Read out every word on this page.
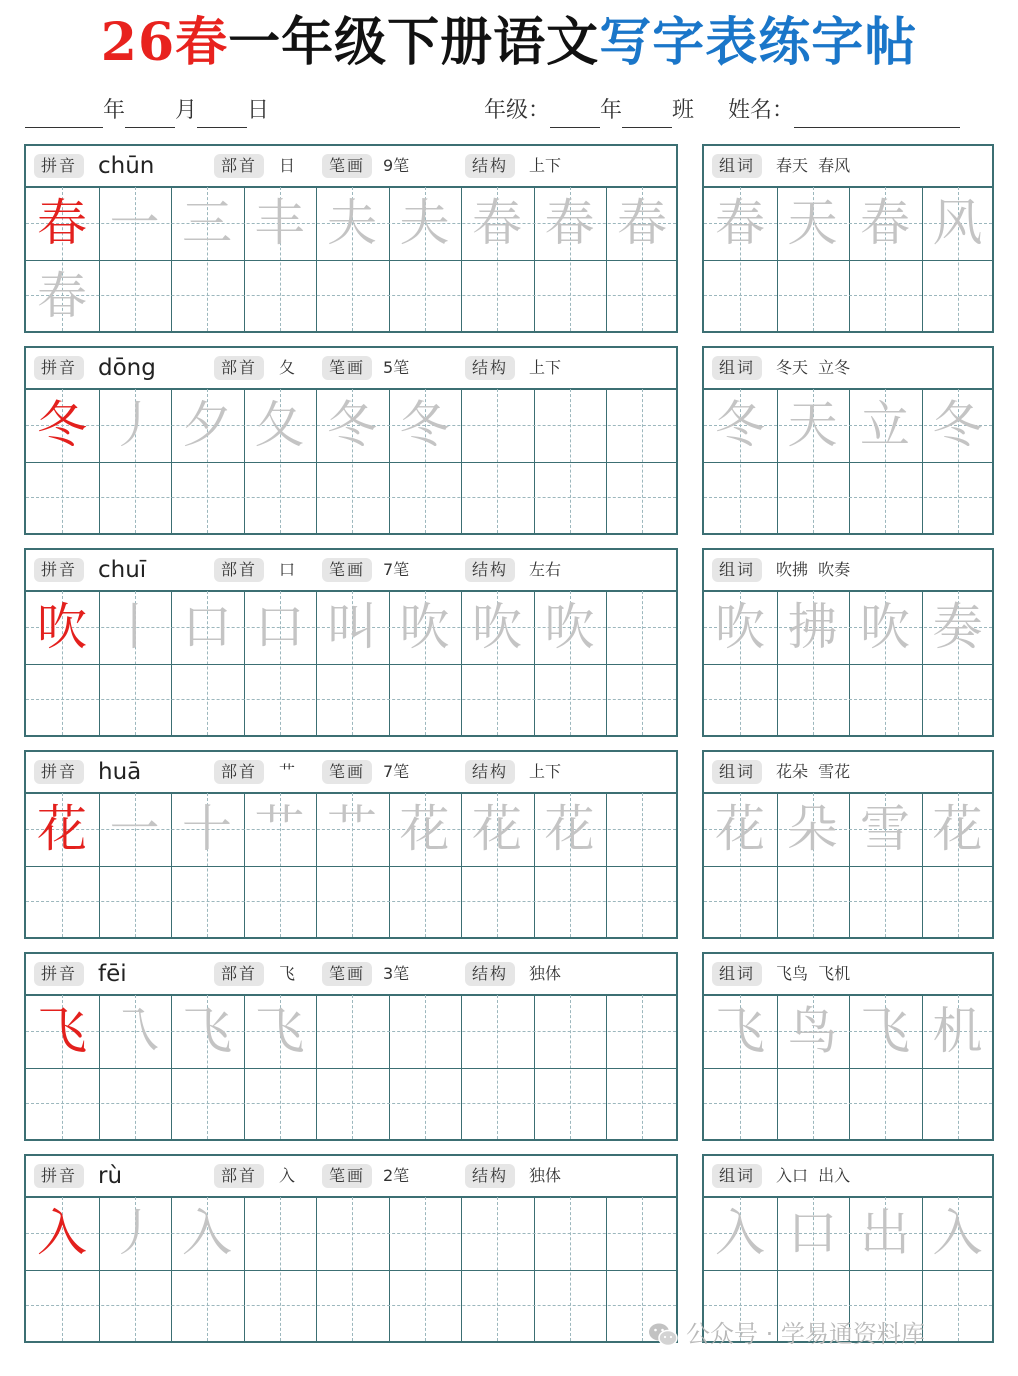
26春一年级下册语文写字表练字帖
年 月 日	年级： 年 班 姓名：
拼音 chūn	部首	日	笔画	9笔	结构	上下
春 一 三 丰 夫 夫 春 春 春
春
组词	春天  春风
春 天 春 风
拼音 dōng	部首	夂	笔画	5笔	结构	上下
冬 丿 夕 夂 冬 冬
组词	冬天  立冬
冬 天 立 冬
拼音 chuī	部首	口	笔画	7笔	结构	左右
吹 丨 口 口 叫 吹 吹 吹
组词	吹拂  吹奏
吹 拂 吹 奏
拼音 huā	部首	艹	笔画	7笔	结构	上下
花 一 十 艹 艹 花 花 花
组词	花朵  雪花
花 朵 雪 花
拼音 fēi	部首	飞	笔画	3笔	结构	独体
飞 乁 飞 飞
组词	飞鸟  飞机
飞 鸟 飞 机
拼音 rù	部首	入	笔画	2笔	结构	独体
入 丿 入
组词	入口  出入
入 口 出 入
公众号 · 学易通资料库
